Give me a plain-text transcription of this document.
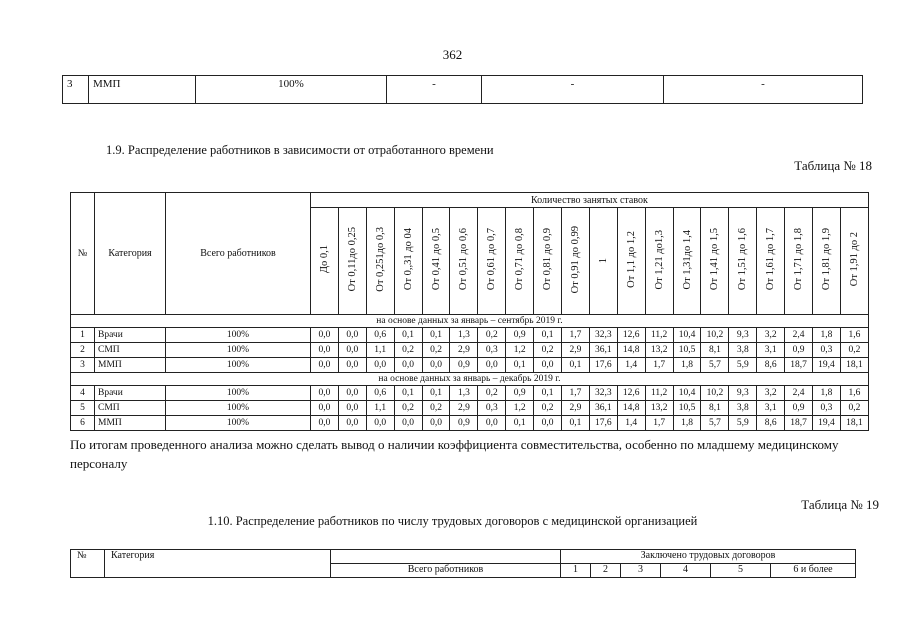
362
3	ММП	100%	-	-	-
1.9. Распределение работников в зависимости от отработанного времени
Таблица № 18
№	Категория	Всего работников	Количество занятых ставок																			
			До 0,1	От 0,11до 0,25	От 0,251до 0,3	От 0,,31 до 04	От 0,41 до 0,5	От 0,51 до 0,6	От 0,61 до 0,7	От 0,71 до 0,8	От 0,81 до 0,9	От 0,91 до 0,99	1	От 1,1 до 1,2	От 1,21 до1,3	От 1,31до 1,4	От 1,41 до 1,5	От 1,51 до 1,6	От 1,61 до 1,7	От 1,71 до 1,8	От 1,81 до 1,9	От 1,91 до 2
на основе данных за январь – сентябрь 2019 г.																						
1	Врачи	100%	0,0	0,0	0,6	0,1	0,1	1,3	0,2	0,9	0,1	1,7	32,3	12,6	11,2	10,4	10,2	9,3	3,2	2,4	1,8	1,6
2	СМП	100%	0,0	0,0	1,1	0,2	0,2	2,9	0,3	1,2	0,2	2,9	36,1	14,8	13,2	10,5	8,1	3,8	3,1	0,9	0,3	0,2
3	ММП	100%	0,0	0,0	0,0	0,0	0,0	0,9	0,0	0,1	0,0	0,1	17,6	1,4	1,7	1,8	5,7	5,9	8,6	18,7	19,4	18,1
на основе данных за январь – декабрь 2019 г.																						
4	Врачи	100%	0,0	0,0	0,6	0,1	0,1	1,3	0,2	0,9	0,1	1,7	32,3	12,6	11,2	10,4	10,2	9,3	3,2	2,4	1,8	1,6
5	СМП	100%	0,0	0,0	1,1	0,2	0,2	2,9	0,3	1,2	0,2	2,9	36,1	14,8	13,2	10,5	8,1	3,8	3,1	0,9	0,3	0,2
6	ММП	100%	0,0	0,0	0,0	0,0	0,0	0,9	0,0	0,1	0,0	0,1	17,6	1,4	1,7	1,8	5,7	5,9	8,6	18,7	19,4	18,1
По итогам проведенного анализа можно сделать вывод о наличии коэффициента совместительства, особенно по младшему медицинскому персоналу
Таблица № 19
1.10. Распределение работников по числу трудовых договоров с медицинской организацией
№	Категория		Заключено трудовых договоров					
		Всего работников	1	2	3	4	5	6 и более
